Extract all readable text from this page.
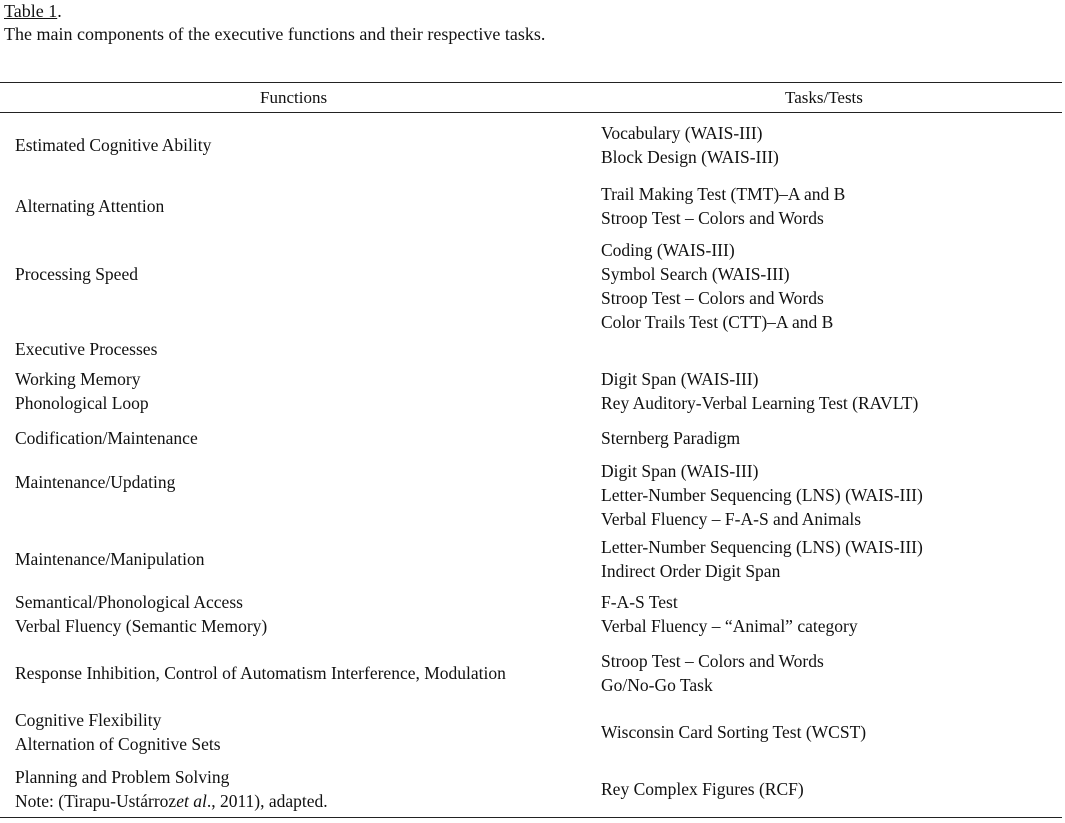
Table 1.
The main components of the executive functions and their respective tasks.
Functions	Tasks/Tests
Estimated Cognitive Ability
Vocabulary (WAIS-III)
Block Design (WAIS-III)
Alternating Attention
Trail Making Test (TMT)–A and B
Stroop Test – Colors and Words
Processing Speed
Coding (WAIS-III)
Symbol Search (WAIS-III)
Stroop Test – Colors and Words
Color Trails Test (CTT)–A and B
Executive Processes
Working Memory
Phonological Loop
Digit Span (WAIS-III)
Rey Auditory-Verbal Learning Test (RAVLT)
Codification/Maintenance	Sternberg Paradigm
Maintenance/Updating
Digit Span (WAIS-III)
Letter-Number Sequencing (LNS) (WAIS-III)
Verbal Fluency – F-A-S and Animals
Maintenance/Manipulation
Letter-Number Sequencing (LNS) (WAIS-III)
Indirect Order Digit Span
Semantical/Phonological Access
Verbal Fluency (Semantic Memory)
F-A-S Test
Verbal Fluency – “Animal” category
Response Inhibition, Control of Automatism Interference, Modulation
Stroop Test – Colors and Words
Go/No-Go Task
Cognitive Flexibility
Alternation of Cognitive Sets
Wisconsin Card Sorting Test (WCST)
Planning and Problem Solving
Note: (Tirapu-Ustárrozet al., 2011), adapted.
Rey Complex Figures (RCF)
